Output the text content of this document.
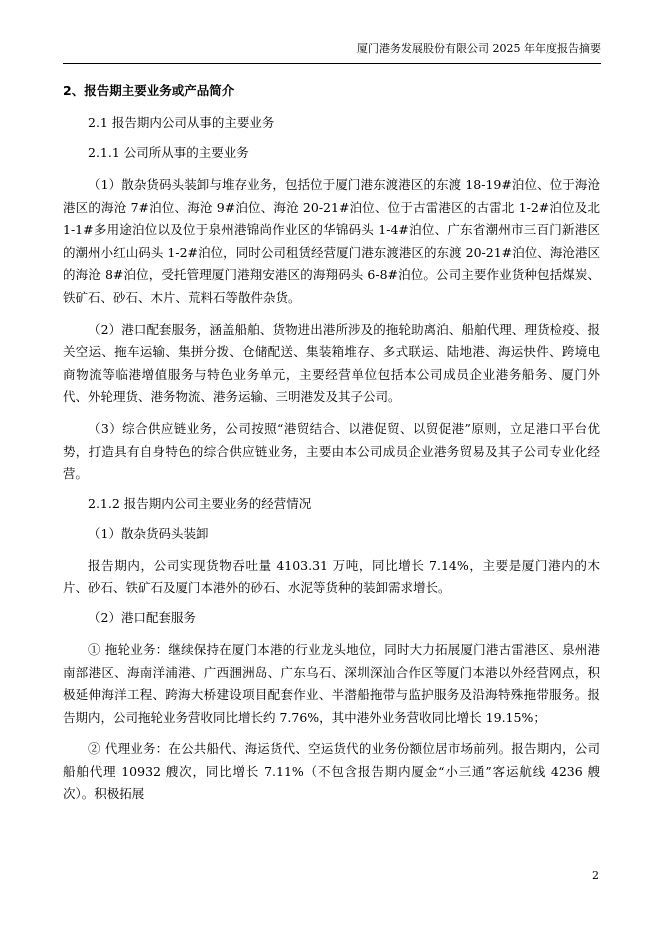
厦门港务发展股份有限公司 2025 年年度报告摘要
2、报告期主要业务或产品简介
2.1 报告期内公司从事的主要业务
2.1.1 公司所从事的主要业务

（1）散杂货码头装卸与堆存业务，包括位于厦门港东渡港区的东渡 18-19#泊位、位于海沧港区的海沧 7#泊位、海沧 9#泊位、海沧 20-21#泊位、位于古雷港区的古雷北 1-2#泊位及北 1-1#多用途泊位以及位于泉州港锦尚作业区的华锦码头 1-4#泊位、广东省潮州市三百门新港区的潮州小红山码头 1-2#泊位，同时公司租赁经营厦门港东渡港区的东渡 20-21#泊位、海沧港区的海沧 8#泊位，受托管理厦门港翔安港区的海翔码头 6-8#泊位。公司主要作业货种包括煤炭、铁矿石、砂石、木片、荒料石等散件杂货。

（2）港口配套服务，涵盖船舶、货物进出港所涉及的拖轮助离泊、船舶代理、理货检疫、报关空运、拖车运输、集拼分拨、仓储配送、集装箱堆存、多式联运、陆地港、海运快件、跨境电商物流等临港增值服务与特色业务单元，主要经营单位包括本公司成员企业港务船务、厦门外代、外轮理货、港务物流、港务运输、三明港发及其子公司。

（3）综合供应链业务，公司按照“港贸结合、以港促贸、以贸促港”原则，立足港口平台优势，打造具有自身特色的综合供应链业务，主要由本公司成员企业港务贸易及其子公司专业化经营。

2.1.2 报告期内公司主要业务的经营情况
（1）散杂货码头装卸

报告期内，公司实现货物吞吐量 4103.31 万吨，同比增长 7.14%，主要是厦门港内的木片、砂石、铁矿石及厦门本港外的砂石、水泥等货种的装卸需求增长。

（2）港口配套服务

① 拖轮业务：继续保持在厦门本港的行业龙头地位，同时大力拓展厦门港古雷港区、泉州港南部港区、海南洋浦港、广西涠洲岛、广东乌石、深圳深汕合作区等厦门本港以外经营网点，积极延伸海洋工程、跨海大桥建设项目配套作业、半潜船拖带与监护服务及沿海特殊拖带服务。报告期内，公司拖轮业务营收同比增长约 7.76%，其中港外业务营收同比增长 19.15%；

② 代理业务：在公共船代、海运货代、空运货代的业务份额位居市场前列。报告期内，公司船舶代理 10932 艘次，同比增长 7.11%（不包含报告期内厦金“小三通”客运航线 4236 艘次）。积极拓展

2
